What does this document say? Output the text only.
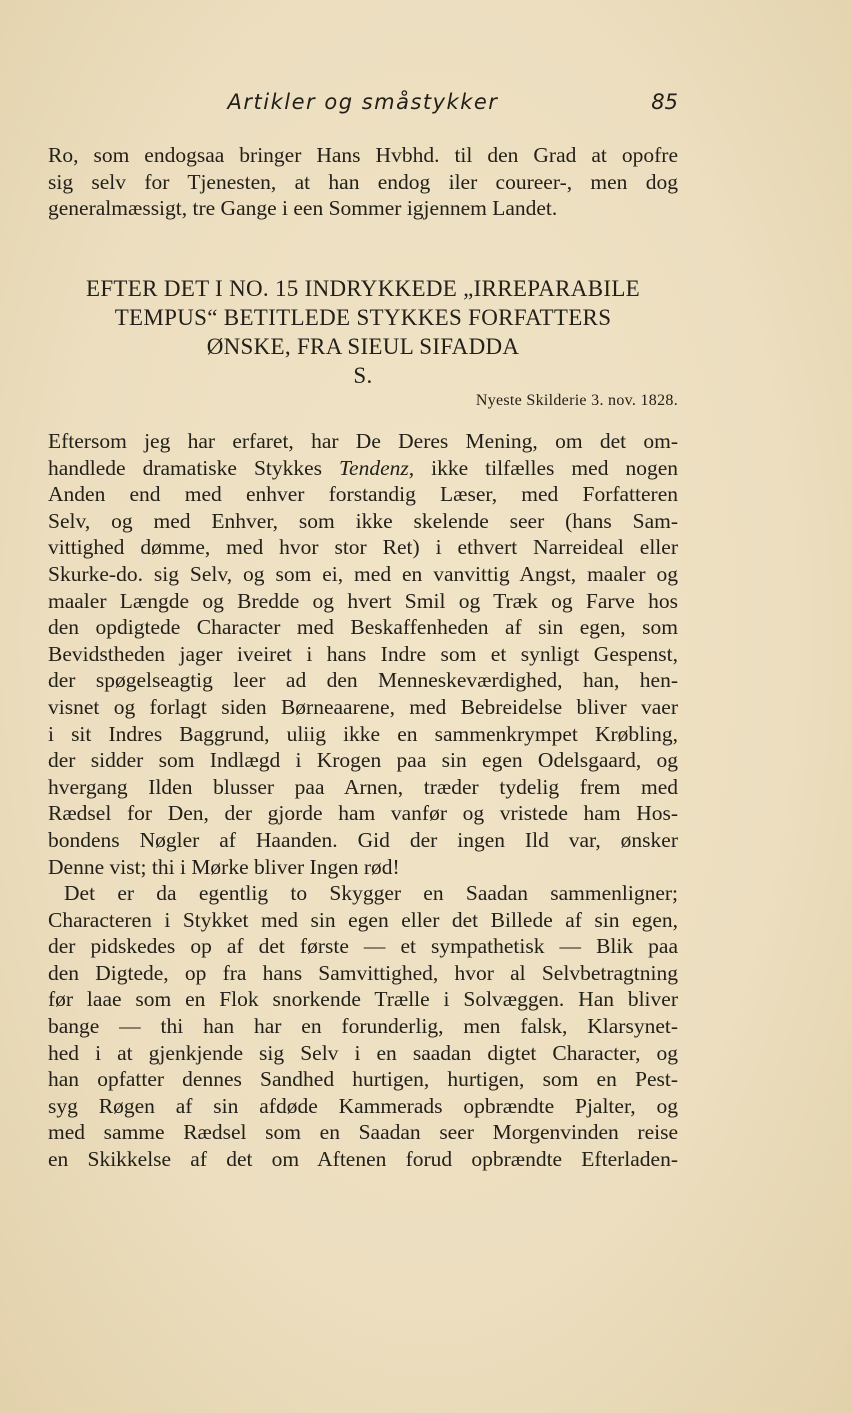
Artikler og småstykker	85
Ro, som endogsaa bringer Hans Hvbhd. til den Grad at opofre
sig selv for Tjenesten, at han endog iler coureer-, men dog
generalmæssigt, tre Gange i een Sommer igjennem Landet.
EFTER DET I NO. 15 INDRYKKEDE „IRREPARABILE
TEMPUS“ BETITLEDE STYKKES FORFATTERS
ØNSKE, FRA SIEUL SIFADDA
S.
Nyeste Skilderie 3. nov. 1828.
Eftersom jeg har erfaret, har De Deres Mening, om det om-
handlede dramatiske Stykkes Tendenz, ikke tilfælles med nogen
Anden end med enhver forstandig Læser, med Forfatteren
Selv, og med Enhver, som ikke skelende seer (hans Sam-
vittighed dømme, med hvor stor Ret) i ethvert Narreideal eller
Skurke-do. sig Selv, og som ei, med en vanvittig Angst, maaler og
maaler Længde og Bredde og hvert Smil og Træk og Farve hos
den opdigtede Character med Beskaffenheden af sin egen, som
Bevidstheden jager iveiret i hans Indre som et synligt Gespenst,
der spøgelseagtig leer ad den Menneskeværdighed, han, hen-
visnet og forlagt siden Børneaarene, med Bebreidelse bliver vaer
i sit Indres Baggrund, uliig ikke en sammenkrympet Krøbling,
der sidder som Indlægd i Krogen paa sin egen Odelsgaard, og
hvergang Ilden blusser paa Arnen, træder tydelig frem med
Rædsel for Den, der gjorde ham vanfør og vristede ham Hos-
bondens Nøgler af Haanden. Gid der ingen Ild var, ønsker
Denne vist; thi i Mørke bliver Ingen rød!
Det er da egentlig to Skygger en Saadan sammenligner;
Characteren i Stykket med sin egen eller det Billede af sin egen,
der pidskedes op af det første — et sympathetisk — Blik paa
den Digtede, op fra hans Samvittighed, hvor al Selvbetragtning
før laae som en Flok snorkende Trælle i Solvæggen. Han bliver
bange — thi han har en forunderlig, men falsk, Klarsynet-
hed i at gjenkjende sig Selv i en saadan digtet Character, og
han opfatter dennes Sandhed hurtigen, hurtigen, som en Pest-
syg Røgen af sin afdøde Kammerads opbrændte Pjalter, og
med samme Rædsel som en Saadan seer Morgenvinden reise
en Skikkelse af det om Aftenen forud opbrændte Efterladen-
